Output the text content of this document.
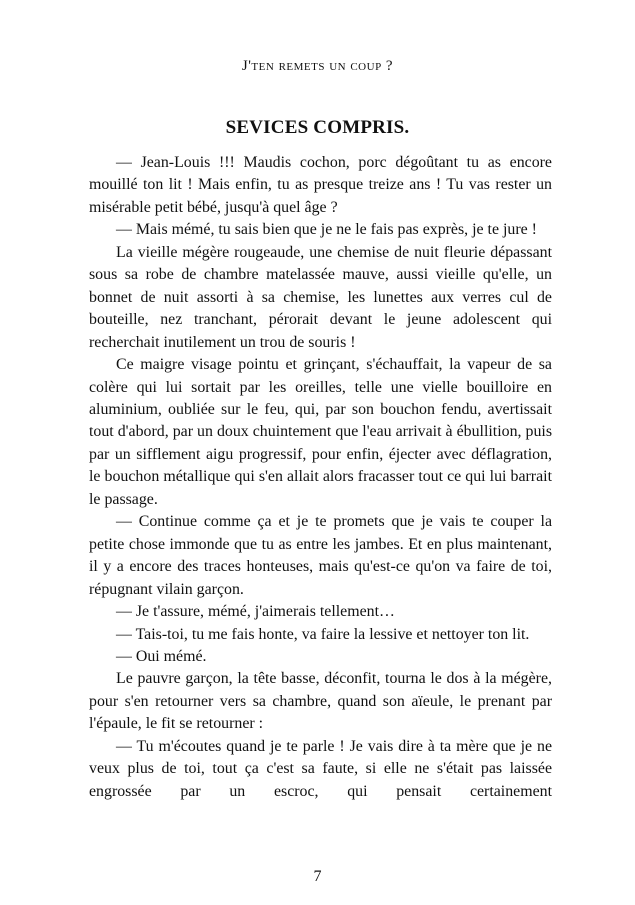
J'ten remets un coup ?
SEVICES COMPRIS.

— Jean-Louis !!! Maudis cochon, porc dégoûtant tu as encore mouillé ton lit ! Mais enfin, tu as presque treize ans ! Tu vas rester un misérable petit bébé, jusqu'à quel âge ?

— Mais mémé, tu sais bien que je ne le fais pas exprès, je te jure !

La vieille mégère rougeaude, une chemise de nuit fleurie dépassant sous sa robe de chambre matelassée mauve, aussi vieille qu'elle, un bonnet de nuit assorti à sa chemise, les lunettes aux verres cul de bouteille, nez tranchant, pérorait devant le jeune adolescent qui recherchait inutilement un trou de souris !

Ce maigre visage pointu et grinçant, s'échauffait, la vapeur de sa colère qui lui sortait par les oreilles, telle une vielle bouilloire en aluminium, oubliée sur le feu, qui, par son bouchon fendu, avertissait tout d'abord, par un doux chuintement que l'eau arrivait à ébullition, puis par un sifflement aigu progressif, pour enfin, éjecter avec déflagration, le bouchon métallique qui s'en allait alors fracasser tout ce qui lui barrait le passage.

— Continue comme ça et je te promets que je vais te couper la petite chose immonde que tu as entre les jambes. Et en plus maintenant, il y a encore des traces honteuses, mais qu'est-ce qu'on va faire de toi, répugnant vilain garçon.

— Je t'assure, mémé, j'aimerais tellement…

— Tais-toi, tu me fais honte, va faire la lessive et nettoyer ton lit.

— Oui mémé.

Le pauvre garçon, la tête basse, déconfit, tourna le dos à la mégère, pour s'en retourner vers sa chambre, quand son aïeule, le prenant par l'épaule, le fit se retourner :

— Tu m'écoutes quand je te parle ! Je vais dire à ta mère que je ne veux plus de toi, tout ça c'est sa faute, si elle ne s'était pas laissée engrossée par un escroc, qui pensait certainement

7
